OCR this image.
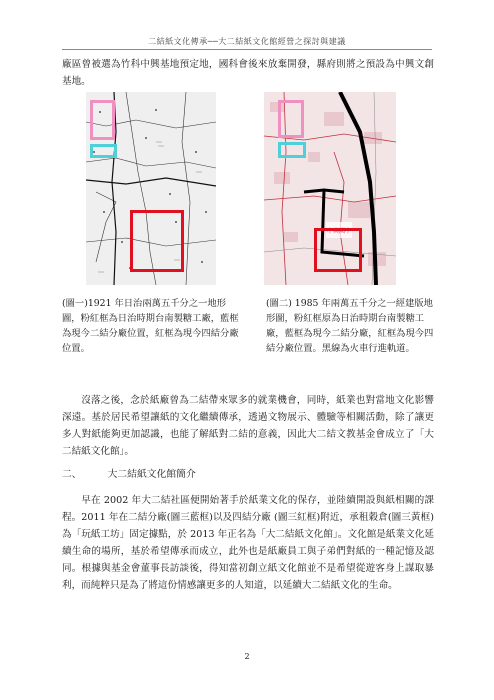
二結紙文化傳承──大二結紙文化館經營之探討與建議

廠區曾被選為竹科中興基地預定地，國科會後來放棄開發，縣府則將之預設為中興文創基地。

中興國中

(圖一)1921 年日治兩萬五千分之一地形圖，粉紅框為日治時期台南製糖工廠，藍框為現今二結分廠位置，紅框為現今四結分廠位置。

(圖二) 1985 年兩萬五千分之一經建版地形圖，粉紅框原為日治時期台南製糖工廠，藍框為現今二結分廠，紅框為現今四結分廠位置。黑線為火車行進軌道。

沒落之後，念於紙廠曾為二結帶來眾多的就業機會，同時，紙業也對當地文化影響深遠。基於居民希望讓紙的文化繼續傳承，透過文物展示、體驗等相關活動，除了讓更多人對紙能夠更加認識，也能了解紙對二結的意義，因此大二結文教基金會成立了「大二結紙文化館」。

二、	大二結紙文化館簡介

早在 2002 年大二結社區便開始著手於紙業文化的保存，並陸續開設與紙相關的課程。2011 年在二結分廠(圖三藍框)以及四結分廠 (圖三紅框)附近，承租穀倉(圖三黃框)為「玩紙工坊」固定據點，於 2013 年正名為「大二結紙文化館」。文化館是紙業文化延續生命的場所，基於希望傳承而成立，此外也是紙廠員工與子弟們對紙的一種記憶及認同。根據與基金會董事長訪談後，得知當初創立紙文化館並不是希望從遊客身上謀取暴利，而純粹只是為了將這份情感讓更多的人知道，以延續大二結紙文化的生命。

2
